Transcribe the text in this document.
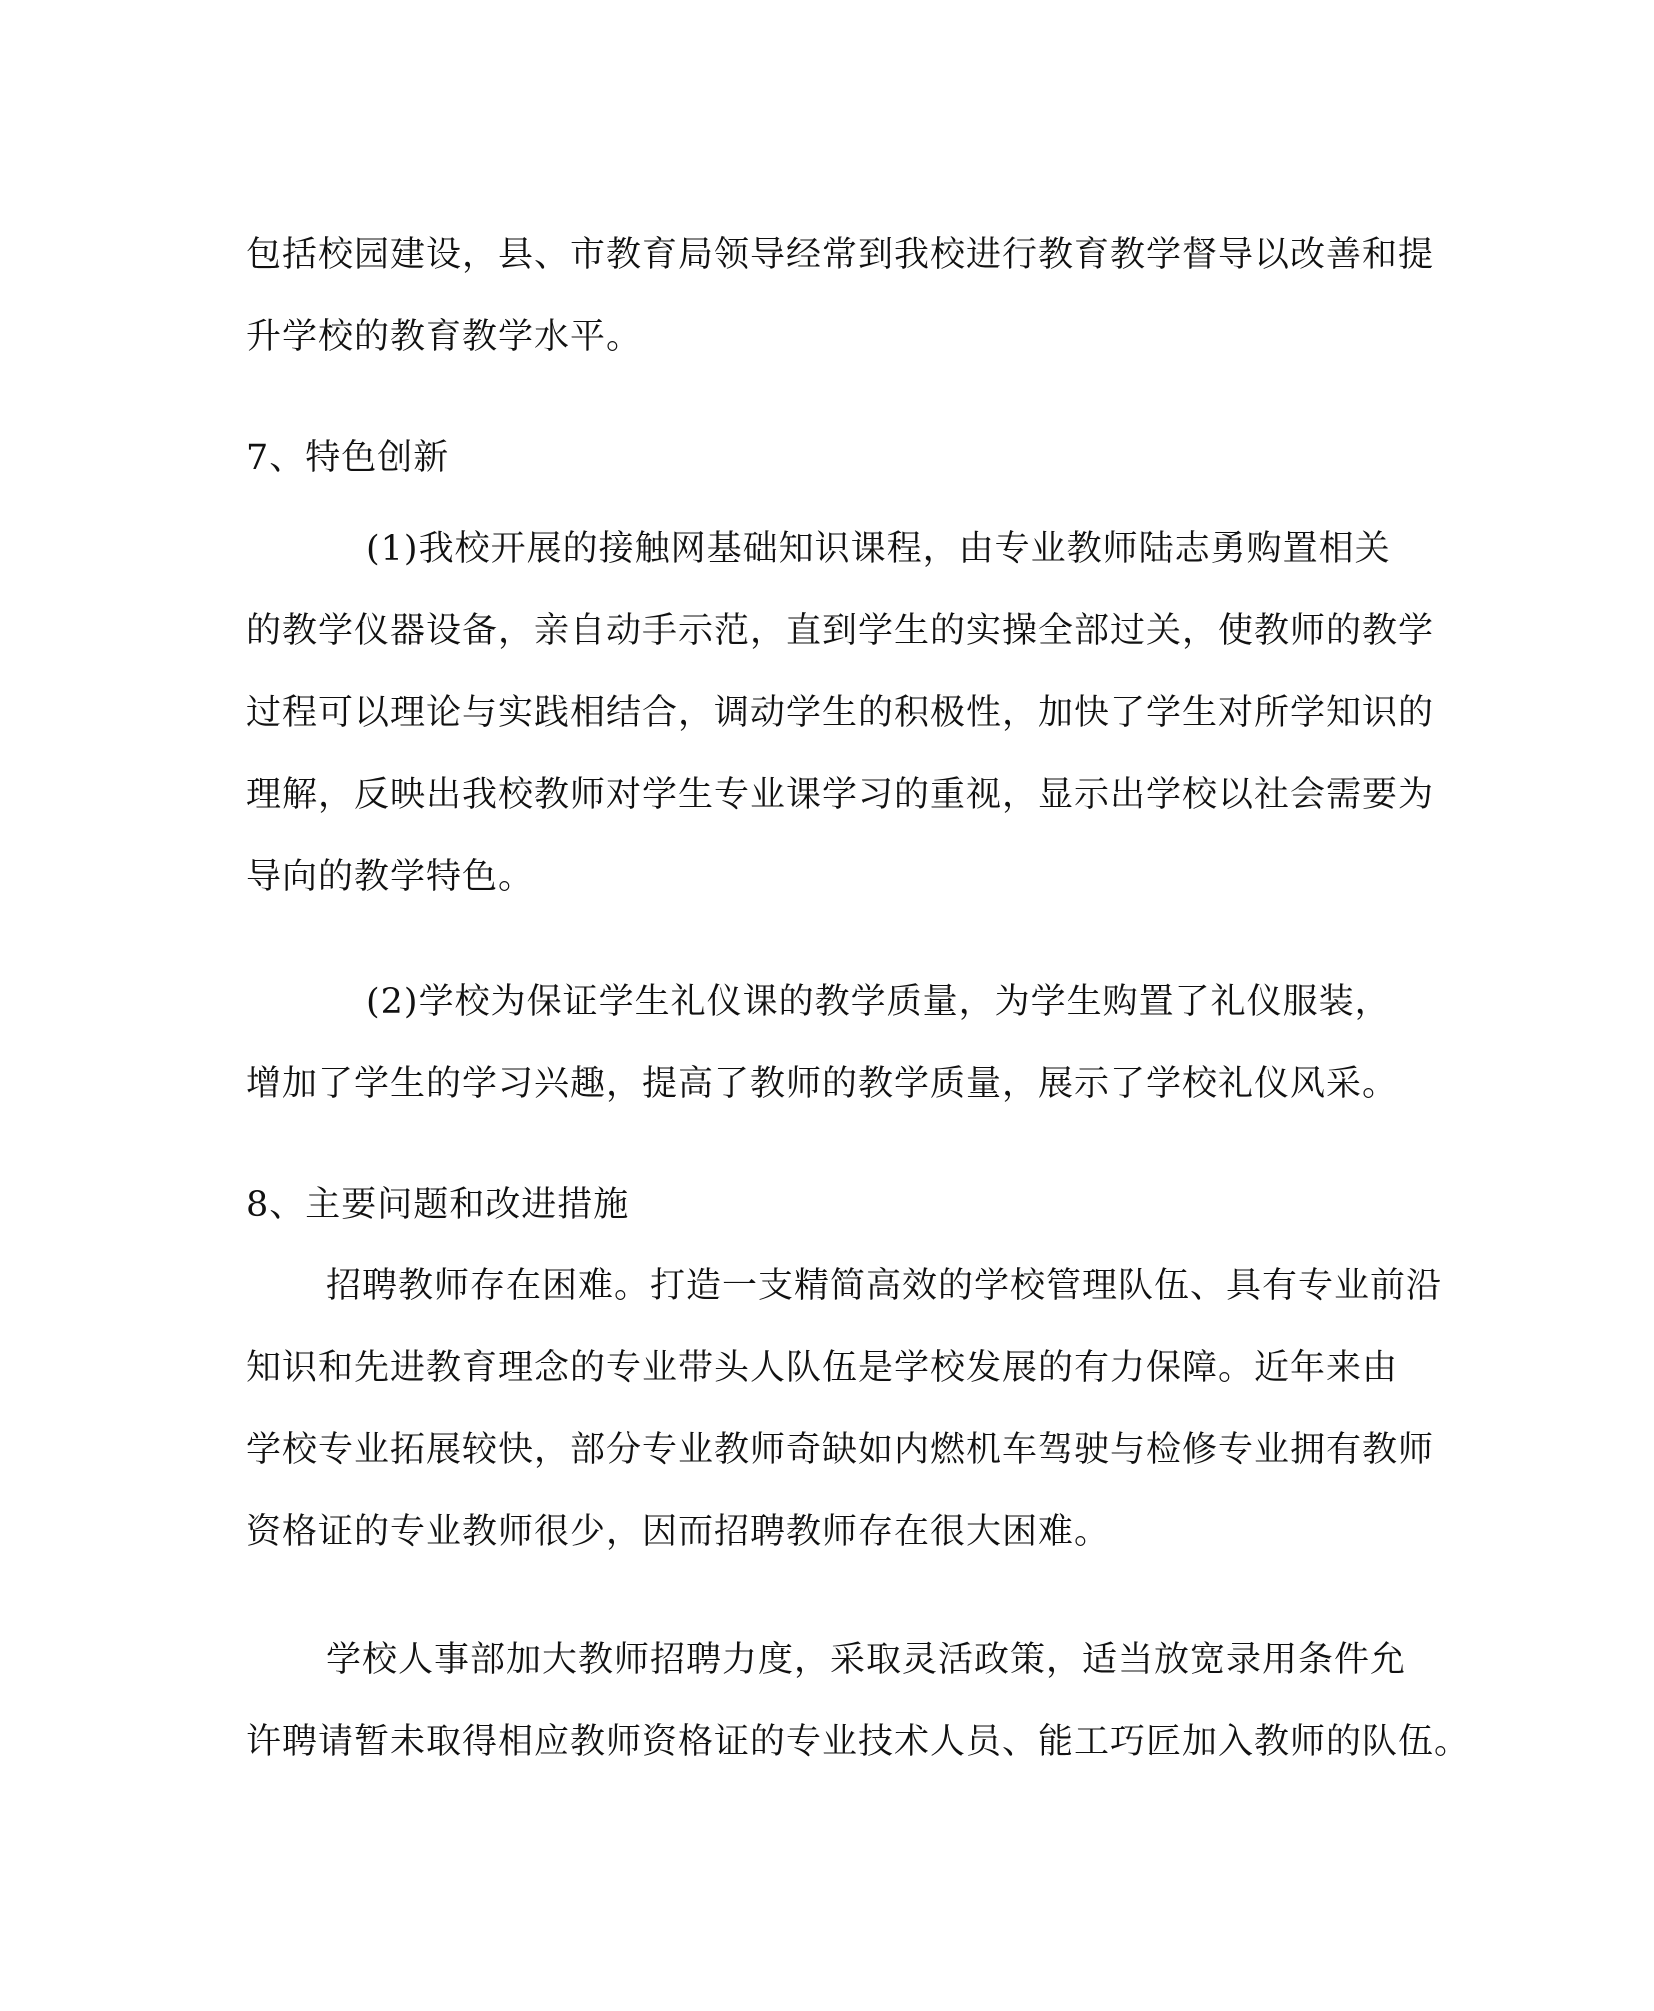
包括校园建设，县、市教育局领导经常到我校进行教育教学督导以改善和提

升学校的教育教学水平。

7、特色创新

(1)我校开展的接触网基础知识课程，由专业教师陆志勇购置相关

的教学仪器设备，亲自动手示范，直到学生的实操全部过关，使教师的教学

过程可以理论与实践相结合，调动学生的积极性，加快了学生对所学知识的

理解，反映出我校教师对学生专业课学习的重视，显示出学校以社会需要为

导向的教学特色。

(2)学校为保证学生礼仪课的教学质量，为学生购置了礼仪服装，

增加了学生的学习兴趣，提高了教师的教学质量，展示了学校礼仪风采。

8、主要问题和改进措施

招聘教师存在困难。打造一支精简高效的学校管理队伍、具有专业前沿

知识和先进教育理念的专业带头人队伍是学校发展的有力保障。近年来由

学校专业拓展较快，部分专业教师奇缺如内燃机车驾驶与检修专业拥有教师

资格证的专业教师很少，因而招聘教师存在很大困难。

学校人事部加大教师招聘力度，采取灵活政策，适当放宽录用条件允

许聘请暂未取得相应教师资格证的专业技术人员、能工巧匠加入教师的队伍。
